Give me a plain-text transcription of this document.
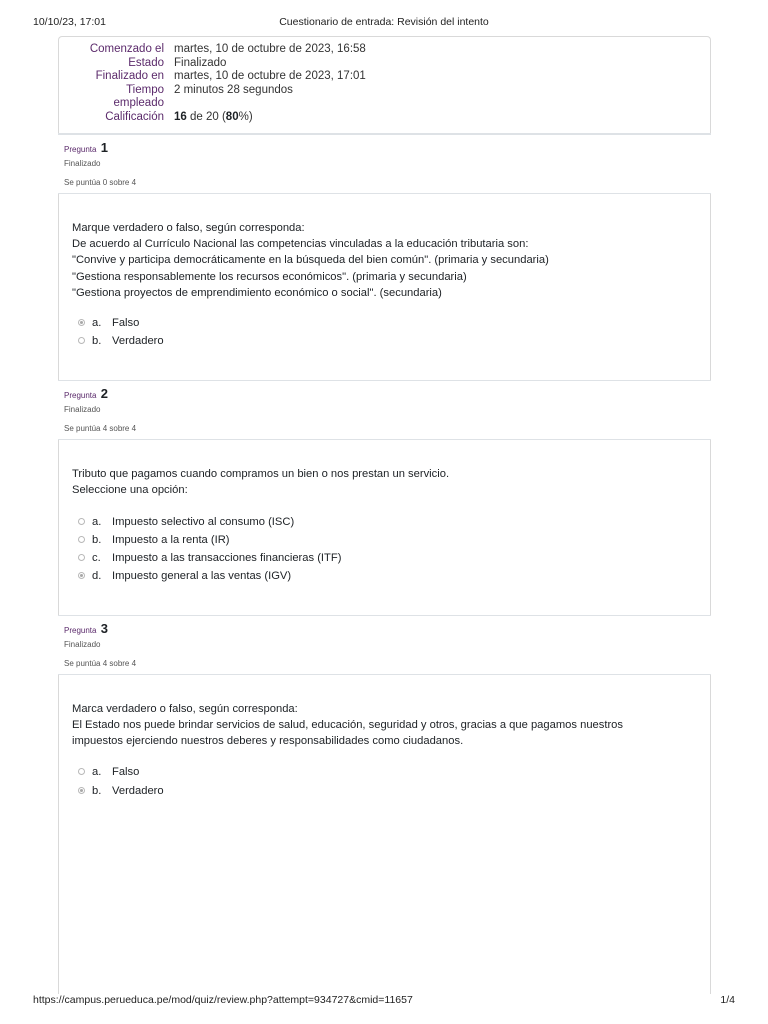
10/10/23, 17:01	Cuestionario de entrada: Revisión del intento
Comenzado el martes, 10 de octubre de 2023, 16:58
Estado Finalizado
Finalizado en martes, 10 de octubre de 2023, 17:01
Tiempo 2 minutos 28 segundos
empleado
Calificación 16 de 20 (80%)
Pregunta 1
Finalizado
Se puntúa 0 sobre 4
Marque verdadero o falso, según corresponda:
De acuerdo al Currículo Nacional las competencias vinculadas a la educación tributaria son:
"Convive y participa democráticamente en la búsqueda del bien común". (primaria y secundaria)
"Gestiona responsablemente los recursos económicos". (primaria y secundaria)
"Gestiona proyectos de emprendimiento económico o social". (secundaria)
a. Falso
b. Verdadero
Pregunta 2
Finalizado
Se puntúa 4 sobre 4
Tributo que pagamos cuando compramos un bien o nos prestan un servicio.
Seleccione una opción:
a. Impuesto selectivo al consumo (ISC)
b. Impuesto a la renta (IR)
c. Impuesto a las transacciones financieras (ITF)
d. Impuesto general a las ventas (IGV)
Pregunta 3
Finalizado
Se puntúa 4 sobre 4
Marca verdadero o falso, según corresponda:
El Estado nos puede brindar servicios de salud, educación, seguridad y otros, gracias a que pagamos nuestros
impuestos ejerciendo nuestros deberes y responsabilidades como ciudadanos.
a. Falso
b. Verdadero
https://campus.perueduca.pe/mod/quiz/review.php?attempt=934727&cmid=11657	1/4
